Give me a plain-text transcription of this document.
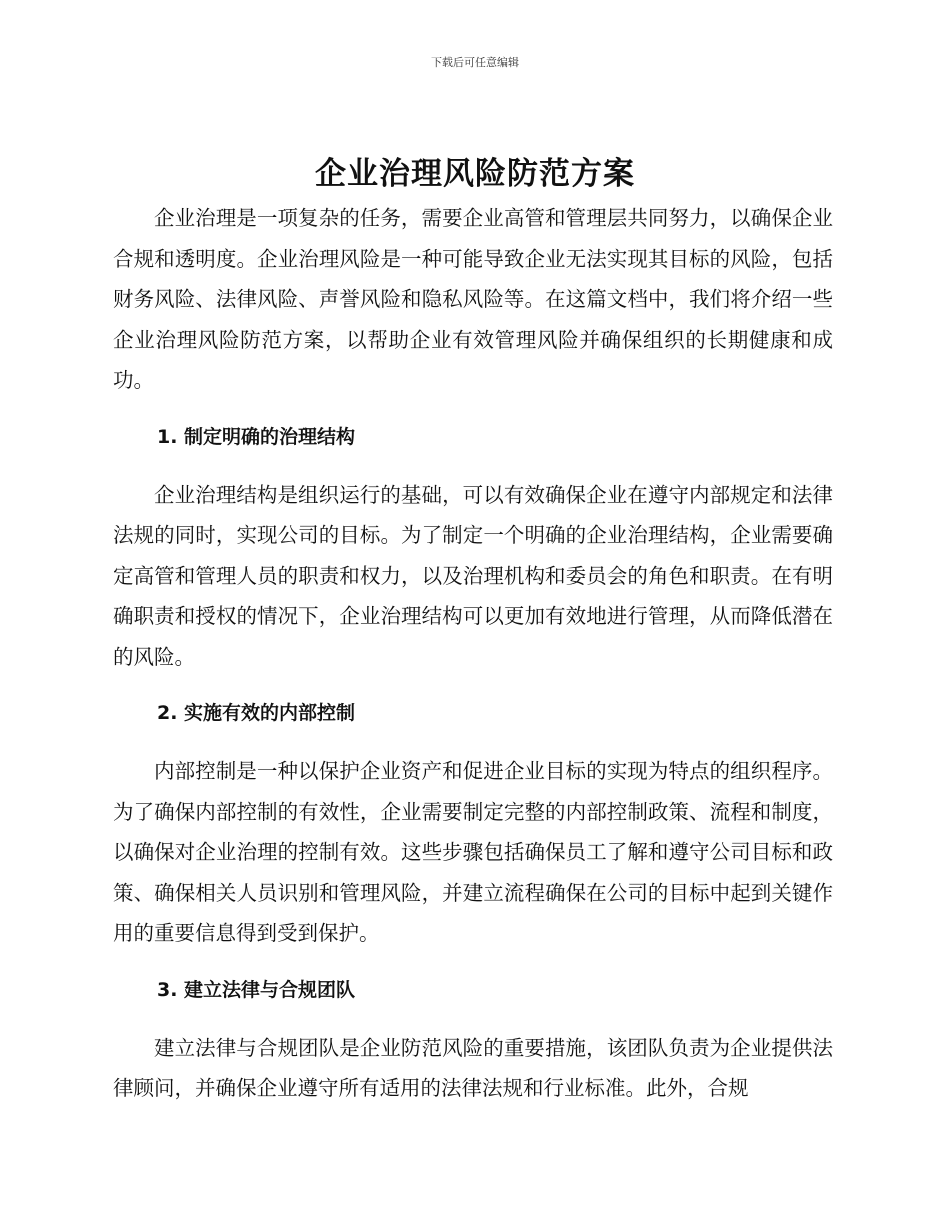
下载后可任意编辑
企业治理风险防范方案

企业治理是一项复杂的任务，需要企业高管和管理层共同努力，以确保企业合规和透明度。企业治理风险是一种可能导致企业无法实现其目标的风险，包括财务风险、法律风险、声誉风险和隐私风险等。在这篇文档中，我们将介绍一些企业治理风险防范方案，以帮助企业有效管理风险并确保组织的长期健康和成功。

1. 制定明确的治理结构

企业治理结构是组织运行的基础，可以有效确保企业在遵守内部规定和法律法规的同时，实现公司的目标。为了制定一个明确的企业治理结构，企业需要确定高管和管理人员的职责和权力，以及治理机构和委员会的角色和职责。在有明确职责和授权的情况下，企业治理结构可以更加有效地进行管理，从而降低潜在的风险。

2. 实施有效的内部控制

内部控制是一种以保护企业资产和促进企业目标的实现为特点的组织程序。为了确保内部控制的有效性，企业需要制定完整的内部控制政策、流程和制度，以确保对企业治理的控制有效。这些步骤包括确保员工了解和遵守公司目标和政策、确保相关人员识别和管理风险，并建立流程确保在公司的目标中起到关键作用的重要信息得到受到保护。

3. 建立法律与合规团队

建立法律与合规团队是企业防范风险的重要措施，该团队负责为企业提供法律顾问，并确保企业遵守所有适用的法律法规和行业标准。此外，合规
